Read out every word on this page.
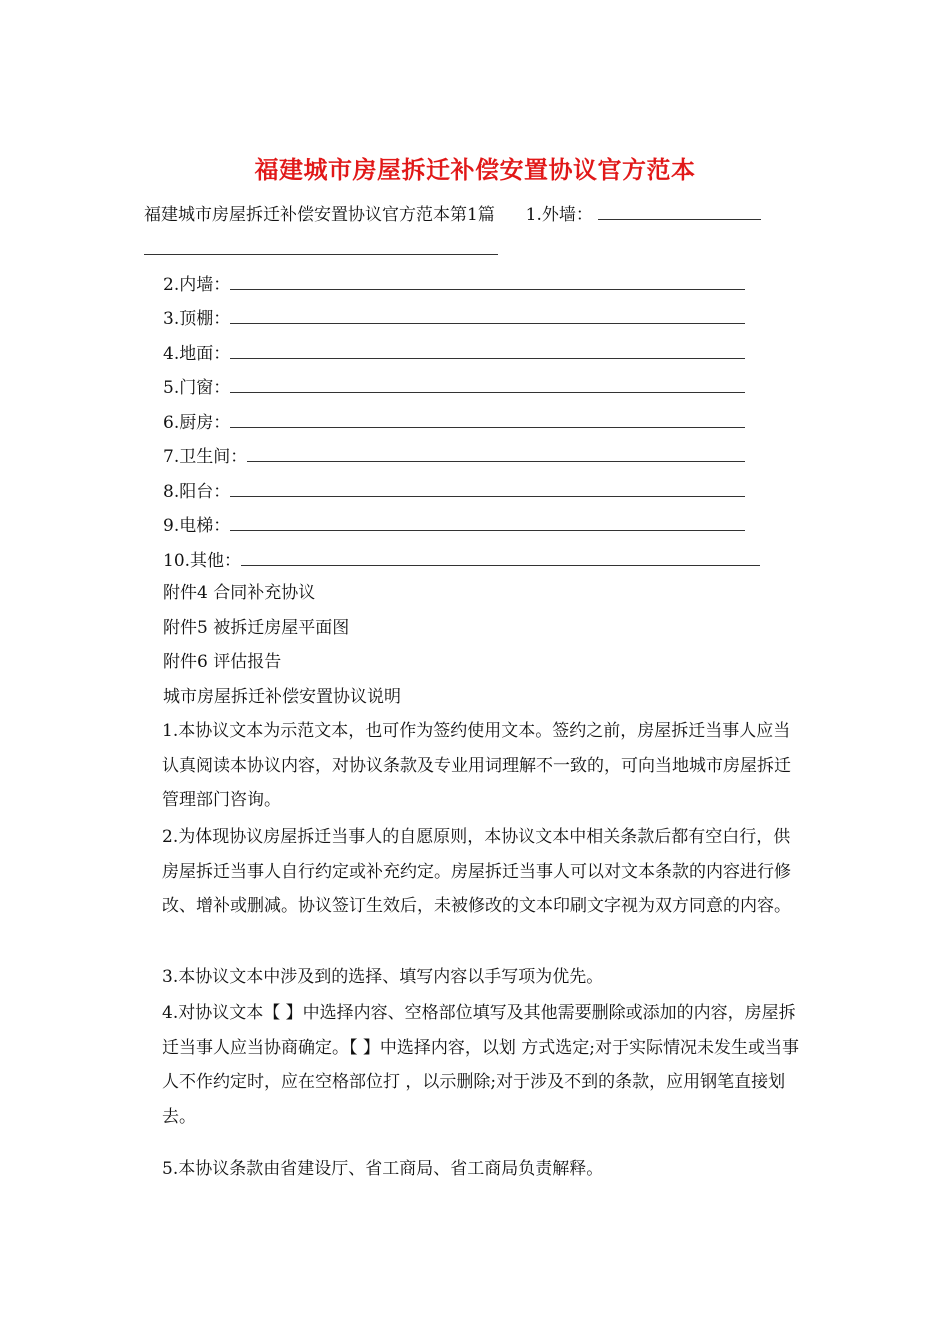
福建城市房屋拆迁补偿安置协议官方范本
福建城市房屋拆迁补偿安置协议官方范本第1篇 1.外墙：
2.内墙：
3.顶棚：
4.地面：
5.门窗：
6.厨房：
7.卫生间：
8.阳台：
9.电梯：
10.其他：
附件4 合同补充协议
附件5 被拆迁房屋平面图
附件6 评估报告
城市房屋拆迁补偿安置协议说明
1.本协议文本为示范文本，也可作为签约使用文本。签约之前，房屋拆迁当事人应当认真阅读本协议内容，对协议条款及专业用词理解不一致的，可向当地城市房屋拆迁管理部门咨询。
2.为体现协议房屋拆迁当事人的自愿原则，本协议文本中相关条款后都有空白行，供房屋拆迁当事人自行约定或补充约定。房屋拆迁当事人可以对文本条款的内容进行修改、增补或删减。协议签订生效后，未被修改的文本印刷文字视为双方同意的内容。
3.本协议文本中涉及到的选择、填写内容以手写项为优先。
4.对协议文本【 】中选择内容、空格部位填写及其他需要删除或添加的内容，房屋拆迁当事人应当协商确定。【 】中选择内容，以划 方式选定;对于实际情况未发生或当事人不作约定时，应在空格部位打 ，以示删除;对于涉及不到的条款，应用钢笔直接划去。
5.本协议条款由省建设厅、省工商局、省工商局负责解释。
